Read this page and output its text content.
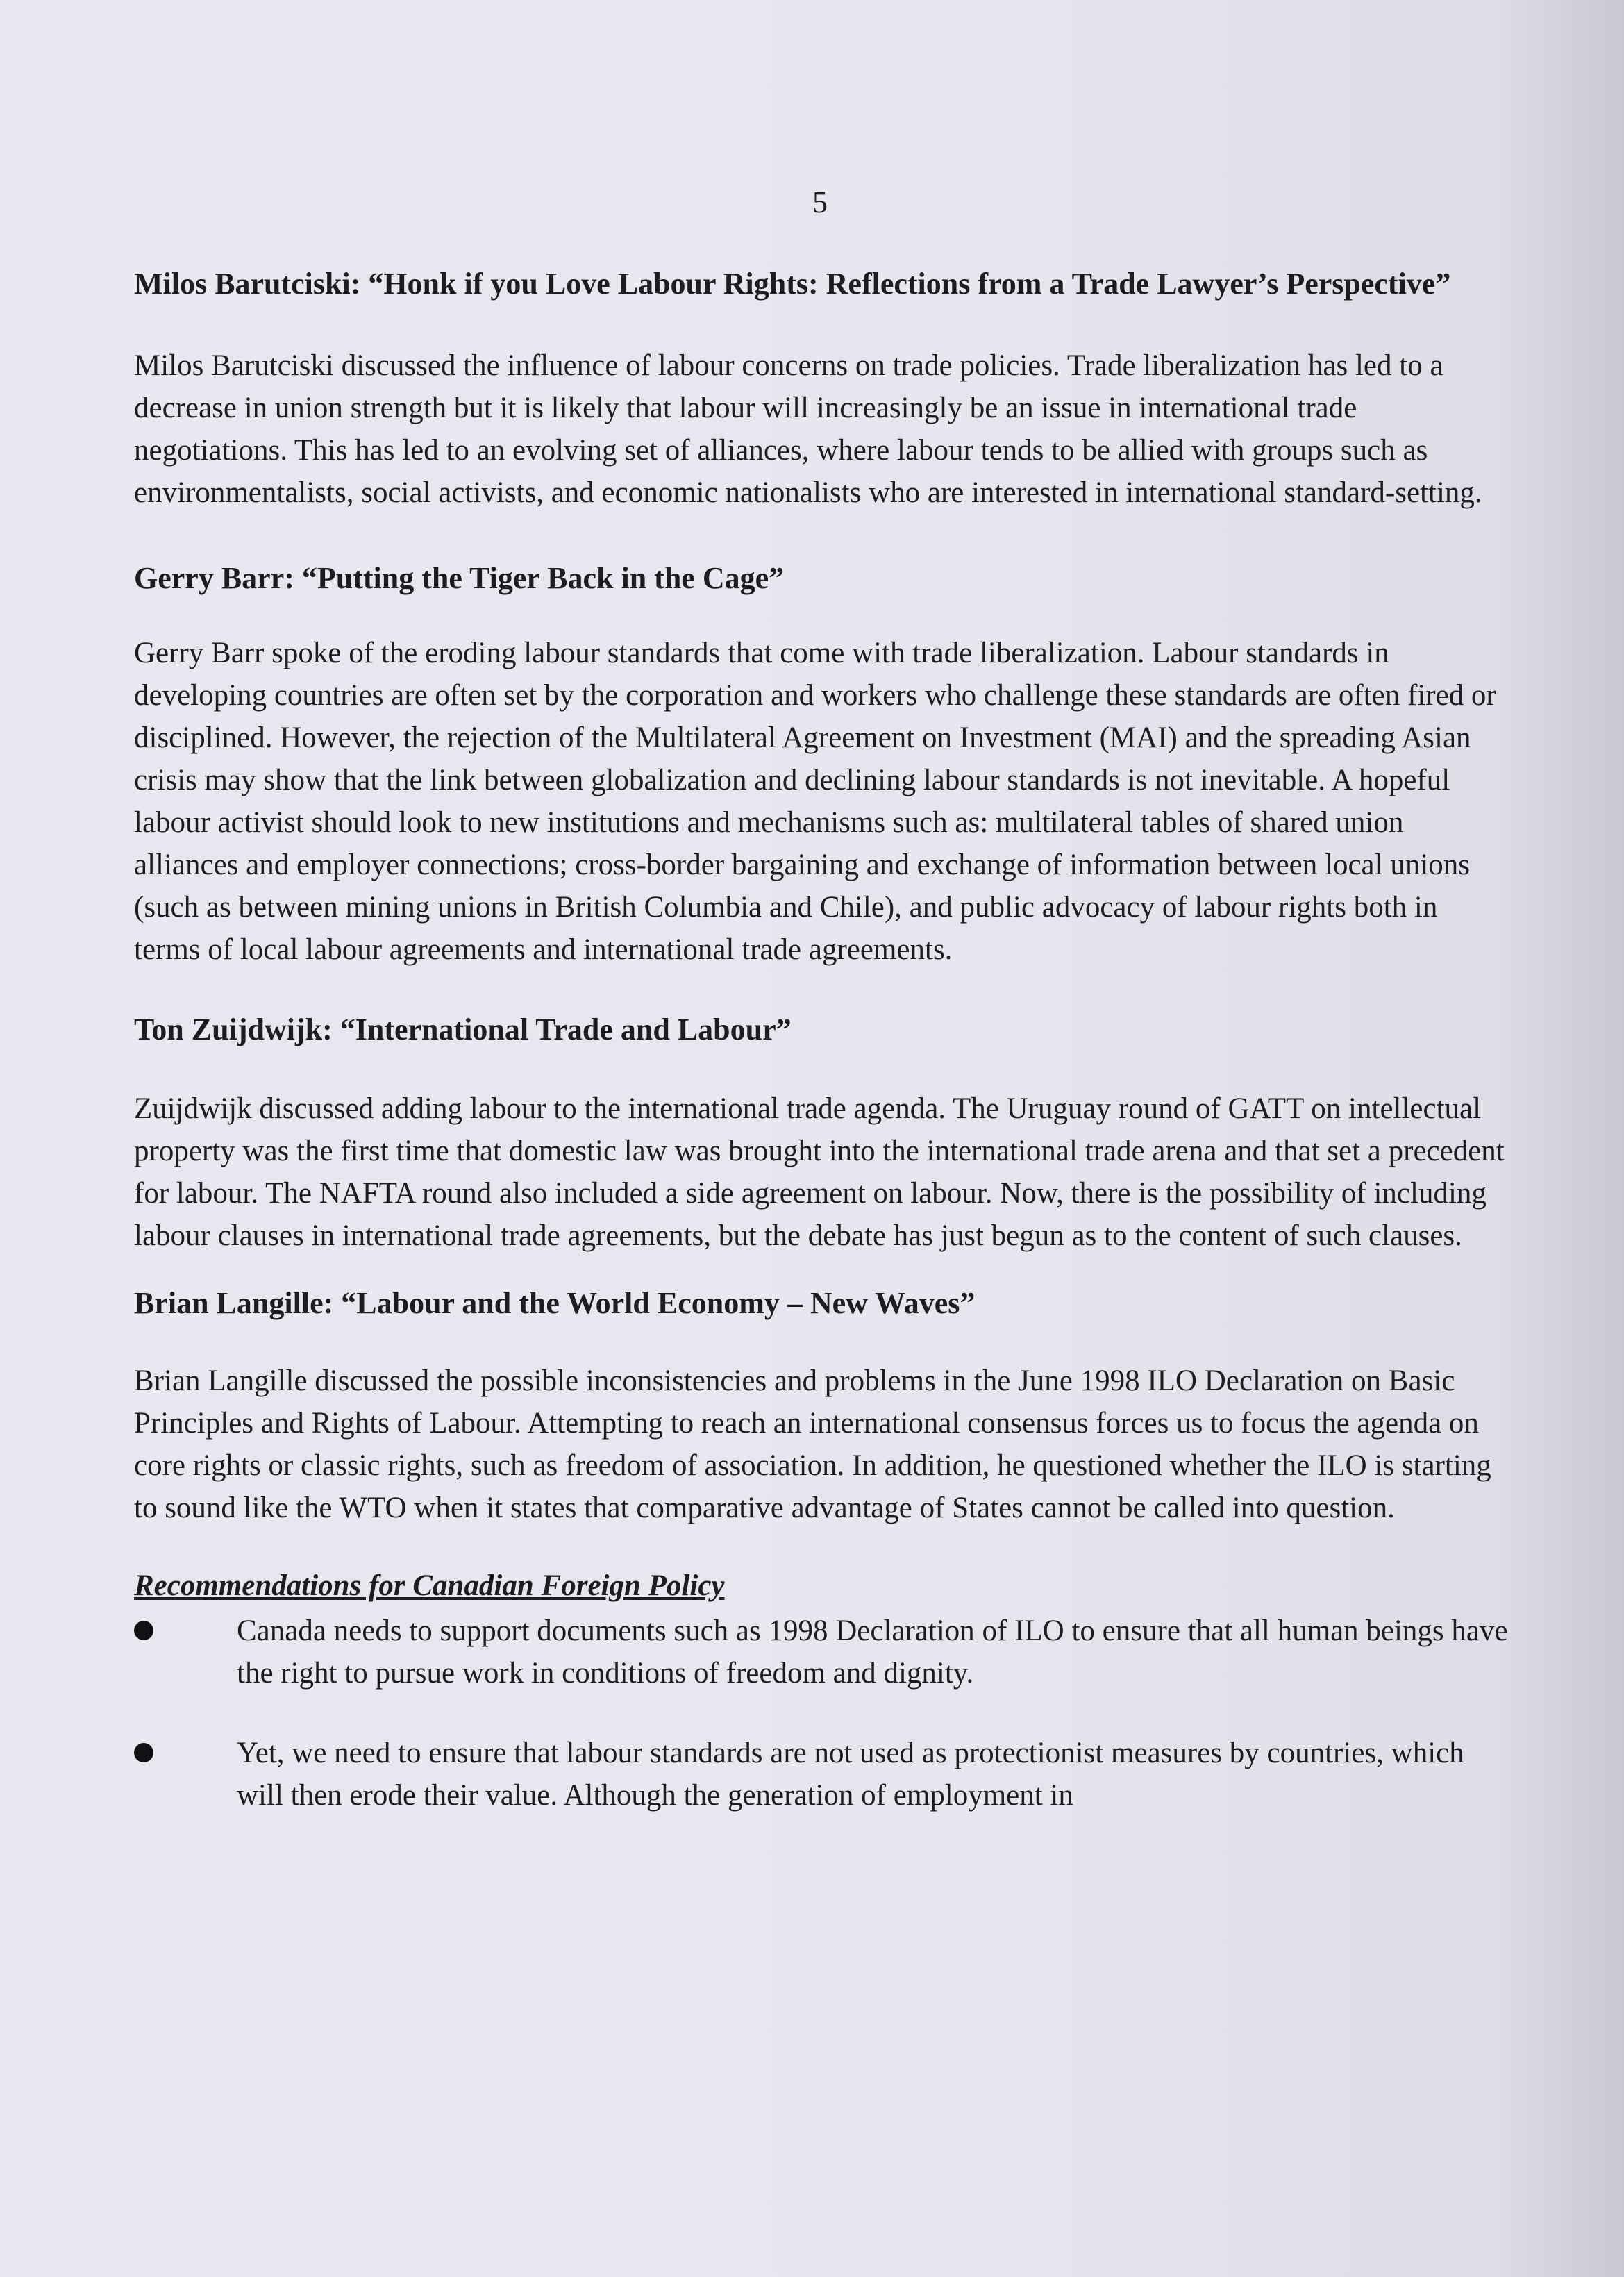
5

Milos Barutciski: “Honk if you Love Labour Rights: Reflections from a Trade Lawyer’s Perspective”

Milos Barutciski discussed the influence of labour concerns on trade policies. Trade liberalization has led to a decrease in union strength but it is likely that labour will increasingly be an issue in international trade negotiations. This has led to an evolving set of alliances, where labour tends to be allied with groups such as environmentalists, social activists, and economic nationalists who are interested in international standard-setting.

Gerry Barr: “Putting the Tiger Back in the Cage”

Gerry Barr spoke of the eroding labour standards that come with trade liberalization. Labour standards in developing countries are often set by the corporation and workers who challenge these standards are often fired or disciplined. However, the rejection of the Multilateral Agreement on Investment (MAI) and the spreading Asian crisis may show that the link between globalization and declining labour standards is not inevitable. A hopeful labour activist should look to new institutions and mechanisms such as: multilateral tables of shared union alliances and employer connections; cross-border bargaining and exchange of information between local unions (such as between mining unions in British Columbia and Chile), and public advocacy of labour rights both in terms of local labour agreements and international trade agreements.

Ton Zuijdwijk: “International Trade and Labour”

Zuijdwijk discussed adding labour to the international trade agenda. The Uruguay round of GATT on intellectual property was the first time that domestic law was brought into the international trade arena and that set a precedent for labour. The NAFTA round also included a side agreement on labour. Now, there is the possibility of including labour clauses in international trade agreements, but the debate has just begun as to the content of such clauses.

Brian Langille: “Labour and the World Economy – New Waves”

Brian Langille discussed the possible inconsistencies and problems in the June 1998 ILO Declaration on Basic Principles and Rights of Labour. Attempting to reach an international consensus forces us to focus the agenda on core rights or classic rights, such as freedom of association. In addition, he questioned whether the ILO is starting to sound like the WTO when it states that comparative advantage of States cannot be called into question.

Recommendations for Canadian Foreign Policy

Canada needs to support documents such as 1998 Declaration of ILO to ensure that all human beings have the right to pursue work in conditions of freedom and dignity.
Yet, we need to ensure that labour standards are not used as protectionist measures by countries, which will then erode their value. Although the generation of employment in
